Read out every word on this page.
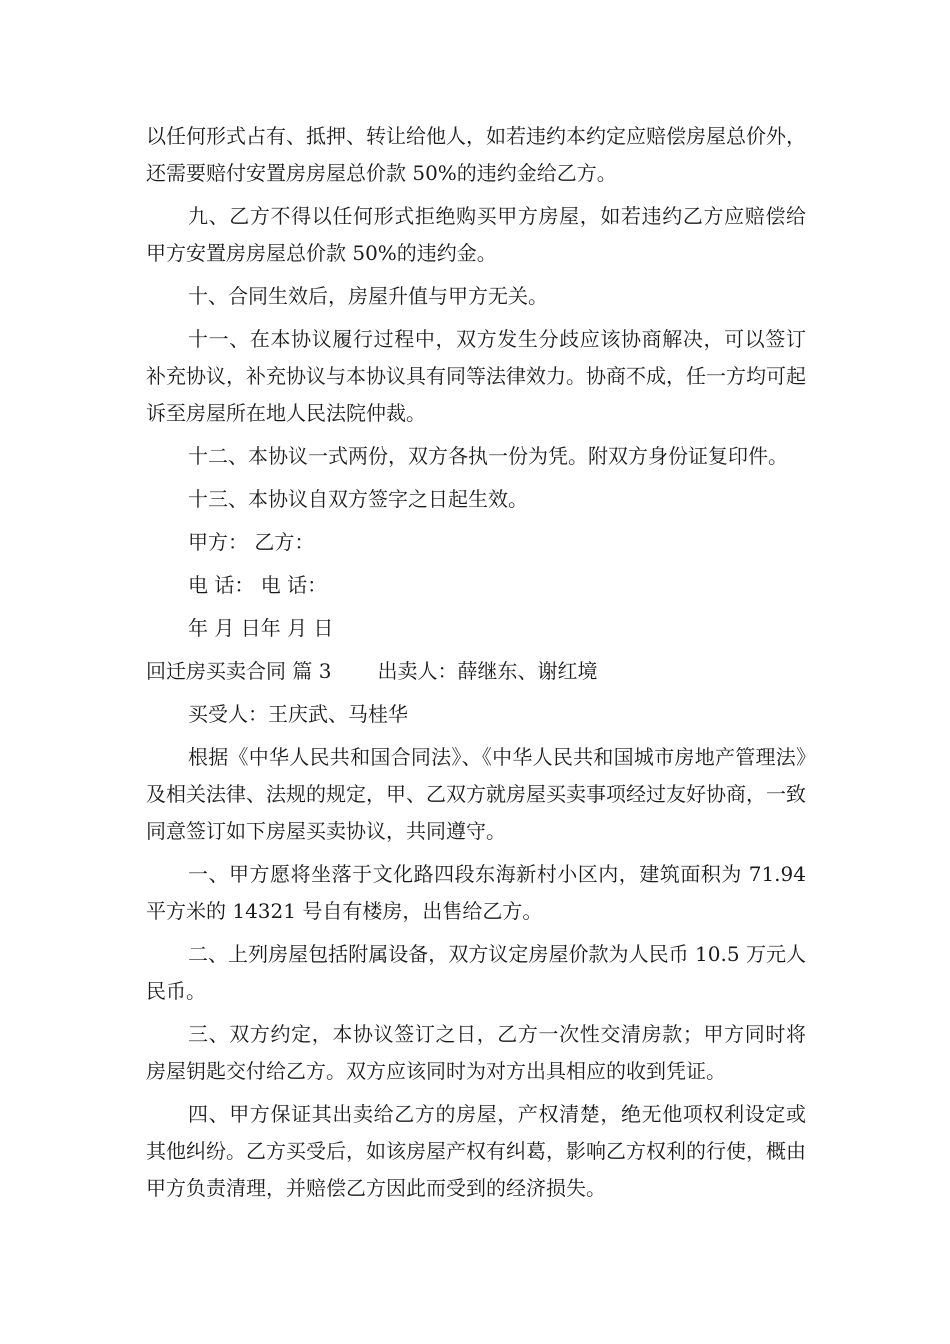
以任何形式占有、抵押、转让给他人，如若违约本约定应赔偿房屋总价外，还需要赔付安置房房屋总价款 50%的违约金给乙方。

九、乙方不得以任何形式拒绝购买甲方房屋，如若违约乙方应赔偿给甲方安置房房屋总价款 50%的违约金。

十、合同生效后，房屋升值与甲方无关。

十一、在本协议履行过程中，双方发生分歧应该协商解决，可以签订补充协议，补充协议与本协议具有同等法律效力。协商不成，任一方均可起诉至房屋所在地人民法院仲裁。

十二、本协议一式两份，双方各执一份为凭。附双方身份证复印件。

十三、本协议自双方签字之日起生效。

甲方： 乙方：

电 话： 电 话：

年 月 日年 月 日

回迁房买卖合同 篇 3 出卖人：薛继东、谢红境

买受人：王庆武、马桂华

根据《中华人民共和国合同法》、《中华人民共和国城市房地产管理法》及相关法律、法规的规定，甲、乙双方就房屋买卖事项经过友好协商，一致同意签订如下房屋买卖协议，共同遵守。

一、甲方愿将坐落于文化路四段东海新村小区内，建筑面积为 71.94 平方米的 14321 号自有楼房，出售给乙方。

二、上列房屋包括附属设备，双方议定房屋价款为人民币 10.5 万元人民币。

三、双方约定，本协议签订之日，乙方一次性交清房款；甲方同时将房屋钥匙交付给乙方。双方应该同时为对方出具相应的收到凭证。

四、甲方保证其出卖给乙方的房屋，产权清楚，绝无他项权利设定或其他纠纷。乙方买受后，如该房屋产权有纠葛，影响乙方权利的行使，概由甲方负责清理，并赔偿乙方因此而受到的经济损失。
